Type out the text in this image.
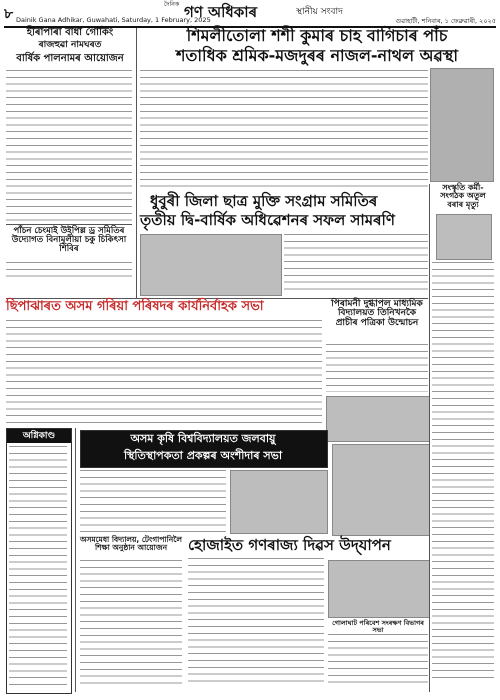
৮
দৈনিক গণ অধিকাৰ	স্থানীয় সংবাদ
Dainik Gana Adhikar, Guwahati, Saturday, 1 February, 2025	গুৱাহাটী, শনিবাৰ, ১ ফেব্ৰুৱাৰী, ২০২৫
হীৰাপাৰা বাধা গোকিং
ৰাজহুৱা নামঘৰত
বাৰ্ষিক পালনামৰ আয়োজন
শিমলীতোলা শশী কুমাৰ চাহ বাগিচাৰ পাঁচ
শতাধিক শ্ৰমিক-মজদুৰৰ নাজল-নাথল অৱস্থা
পাঁচন চেংমাই উইপিল্ল ড্ৰ সমিতিৰ উদ্যোগত বিনামূলীয়া চকু চিকিৎসা শিবিৰ
ধুবুৰী জিলা ছাত্ৰ মুক্তি সংগ্ৰাম সমিতিৰ
তৃতীয় দ্বি-বাৰ্ষিক অধিৱেশনৰ সফল সামৰণি
সংস্কৃতি কৰ্মী-সংগঠক অতুল বৰাৰ মৃত্যু
ছিপাঝাৰত অসম গৰিয়া পৰিষদৰ কাৰ্যনিৰ্বাহক সভা	পিৰামনী দুগ্ধাপল মাধ্যমিক বিদ্যালয়ত তিনিখনকৈ প্ৰাচীৰ পত্ৰিকা উন্মোচন
অগ্নিকাণ্ড	অসম কৃষি বিশ্ববিদ্যালয়ত জলবায়ু
স্থিতিস্থাপকতা প্ৰকল্পৰ অংশীদাৰ সভা
অসমমেধা বিদ্যালয়, টেংগাপানিলৈ শিক্ষা অনুষ্ঠান আয়োজন	হোজাইত গণৰাজ্য দিৱস উদ্‌যাপন
গোলাঘাট পৰিবেশ সংৰক্ষণ বিভাগৰ সভা
